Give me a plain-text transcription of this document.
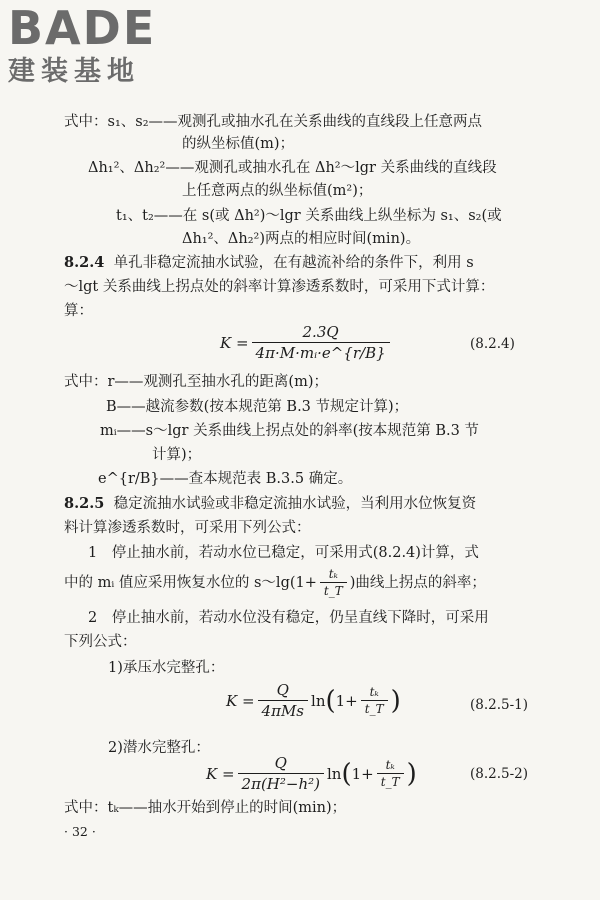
BADE
建装基地
式中：s₁、s₂——观测孔或抽水孔在关系曲线的直线段上任意两点
的纵坐标值(m)；
Δh₁²、Δh₂²——观测孔或抽水孔在 Δh²～lgr 关系曲线的直线段
上任意两点的纵坐标值(m²)；
t₁、t₂——在 s(或 Δh²)～lgr 关系曲线上纵坐标为 s₁、s₂(或
Δh₁²、Δh₂²)两点的相应时间(min)。
8.2.4 单孔非稳定流抽水试验，在有越流补给的条件下，利用 s
～lgt 关系曲线上拐点处的斜率计算渗透系数时，可采用下式计算：
算：
$K = \frac{2.3Q}{\text{4π·M·mᵢ·e\textasciicircum{}\{r/B\}}}$	(8.2.4)
式中：r——观测孔至抽水孔的距离(m)；
B——越流参数(按本规范第 B.3 节规定计算)；
mᵢ——s～lgr 关系曲线上拐点处的斜率(按本规范第 B.3 节
计算)；
e^{r/B}——查本规范表 B.3.5 确定。
8.2.5 稳定流抽水试验或非稳定流抽水试验，当利用水位恢复资
料计算渗透系数时，可采用下列公式：
1　停止抽水前，若动水位已稳定，可采用式(8.2.4)计算，式
中的 mᵢ 值应采用恢复水位的 s～lg(1+ $\frac{\text{tₖ}}{t\_T}$ )曲线上拐点的斜率；
2　停止抽水前，若动水位没有稳定，仍呈直线下降时，可采用
下列公式：
1)承压水完整孔：
$K = \frac{Q}{\text{4πMs}}$ ln ( $1+ \frac{\text{tₖ}}{t\_T}$ )	(8.2.5-1)
2)潜水完整孔：
$K = \frac{Q}{\text{2π(H²−h²)}}$ ln ( $1+ \frac{\text{tₖ}}{t\_T}$ )	(8.2.5-2)
式中：tₖ——抽水开始到停止的时间(min)；
· 32 ·
